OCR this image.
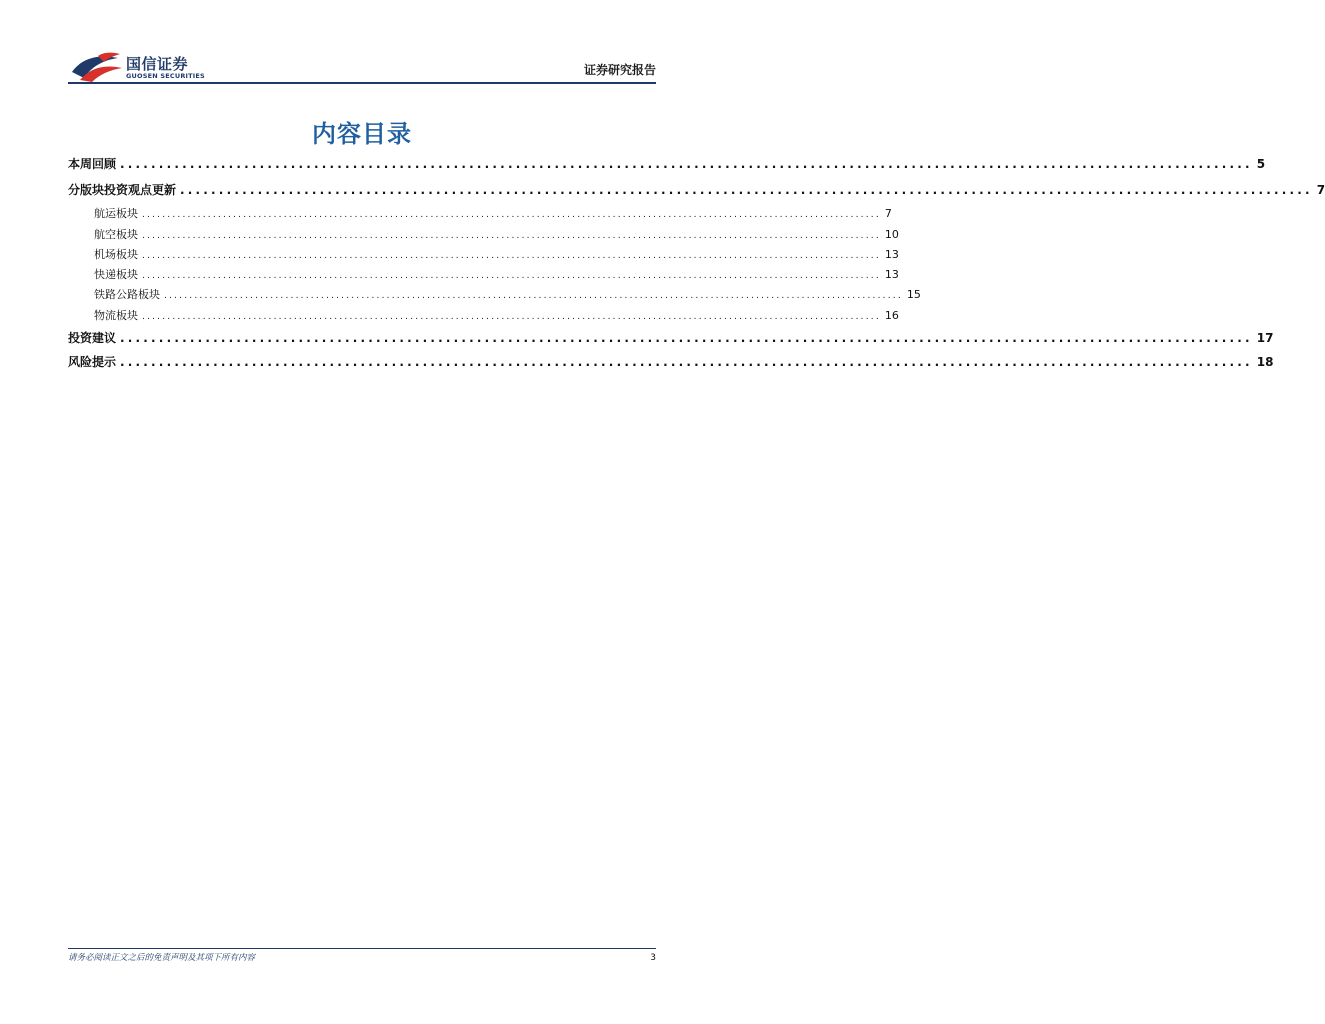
国信证券
GUOSEN SECURITIES	证券研究报告
内容目录
本周回顾 .................................................................................................................................................. 5
分版块投资观点更新 .................................................................................................................................................. 7
航运板块 .................................................................................................................................................. 7
航空板块 .................................................................................................................................................. 10
机场板块 .................................................................................................................................................. 13
快递板块 .................................................................................................................................................. 13
铁路公路板块 .................................................................................................................................................. 15
物流板块 .................................................................................................................................................. 16
投资建议 .................................................................................................................................................. 17
风险提示 .................................................................................................................................................. 18
请务必阅读正文之后的免责声明及其项下所有内容	3
